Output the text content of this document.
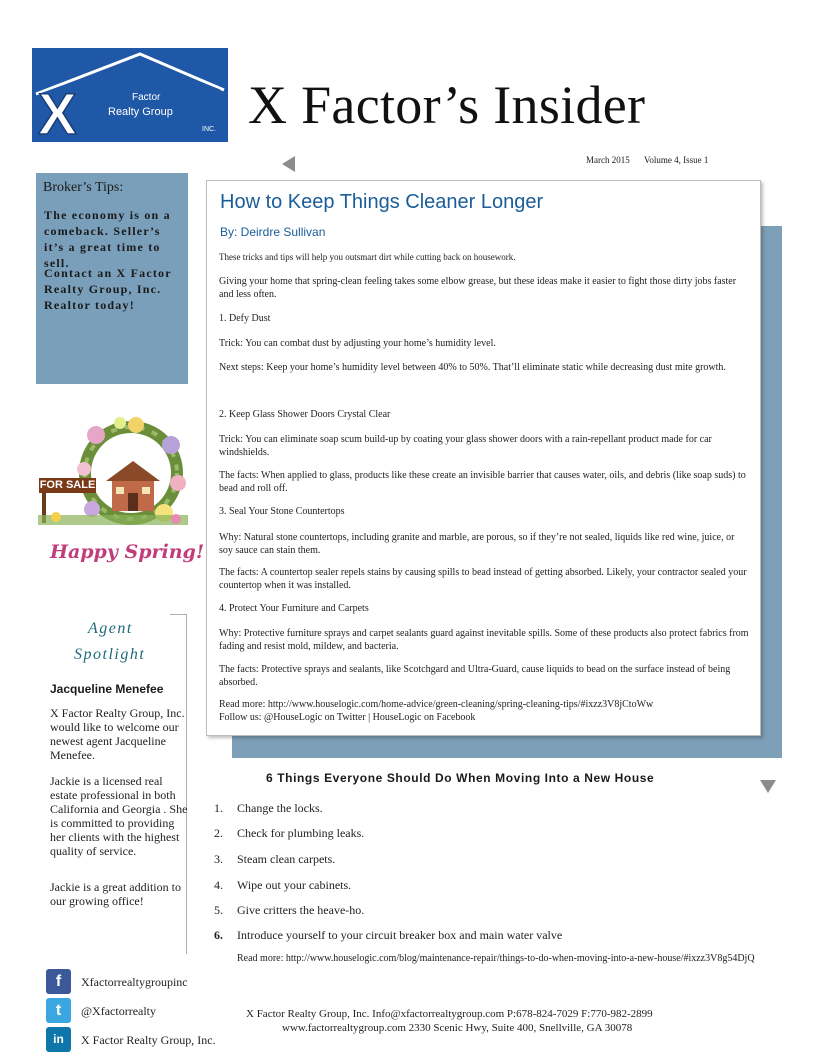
X
TM
Factor
Realty Group
INC. X Factor’s Insider
March 2015 Volume 4, Issue 1
Broker’s Tips:
The economy is on a comeback. Seller’s it’s a great time to sell.
Contact an X Factor Realty Group, Inc. Realtor today!
FOR SALE
Happy Spring!
How to Keep Things Cleaner Longer
By: Deirdre Sullivan
These tricks and tips will help you outsmart dirt while cutting back on housework.
Giving your home that spring-clean feeling takes some elbow grease, but these ideas make it easier to fight those dirty jobs faster and less often.
1. Defy Dust
Trick: You can combat dust by adjusting your home’s humidity level.
Next steps: Keep your home’s humidity level between 40% to 50%. That’ll eliminate static while decreasing dust mite growth.
2. Keep Glass Shower Doors Crystal Clear
Trick: You can eliminate soap scum build-up by coating your glass shower doors with a rain-repellant product made for car windshields.
The facts: When applied to glass, products like these create an invisible barrier that causes water, oils, and debris (like soap suds) to bead and roll off.
3. Seal Your Stone Countertops
Why: Natural stone countertops, including granite and marble, are porous, so if they’re not sealed, liquids like red wine, juice, or soy sauce can stain them.
The facts: A countertop sealer repels stains by causing spills to bead instead of getting absorbed. Likely, your contractor sealed your countertop when it was installed.
4. Protect Your Furniture and Carpets
Why: Protective furniture sprays and carpet sealants guard against inevitable spills. Some of these products also protect fabrics from fading and resist mold, mildew, and bacteria.
The facts: Protective sprays and sealants, like Scotchgard and Ultra-Guard, cause liquids to bead on the surface instead of being absorbed.
Read more: http://www.houselogic.com/home-advice/green-cleaning/spring-cleaning-tips/#ixzz3V8jCtoWw
Follow us: @HouseLogic on Twitter | HouseLogic on Facebook
Agent
Spotlight
Jacqueline Menefee
X Factor Realty Group, Inc. would like to welcome our newest agent Jacqueline Menefee.
Jackie is a licensed real estate professional in both California and Georgia . She is committed to providing her clients with the highest quality of service.
Jackie is a great addition to our growing office!
6 Things Everyone Should Do When Moving Into a New House
1. Change the locks.
2. Check for plumbing leaks.
3. Steam clean carpets.
4. Wipe out your cabinets.
5. Give critters the heave-ho.
6. Introduce yourself to your circuit breaker box and main water valve
Read more: http://www.houselogic.com/blog/maintenance-repair/things-to-do-when-moving-into-a-new-house/#ixzz3V8g54DjQ
f	Xfactorrealtygroupinc
t	@Xfactorrealty
in	X Factor Realty Group, Inc.
X Factor Realty Group, Inc. Info@xfactorrealtygroup.com P:678-824-7029 F:770-982-2899
www.factorrealtygroup.com 2330 Scenic Hwy, Suite 400, Snellville, GA 30078
